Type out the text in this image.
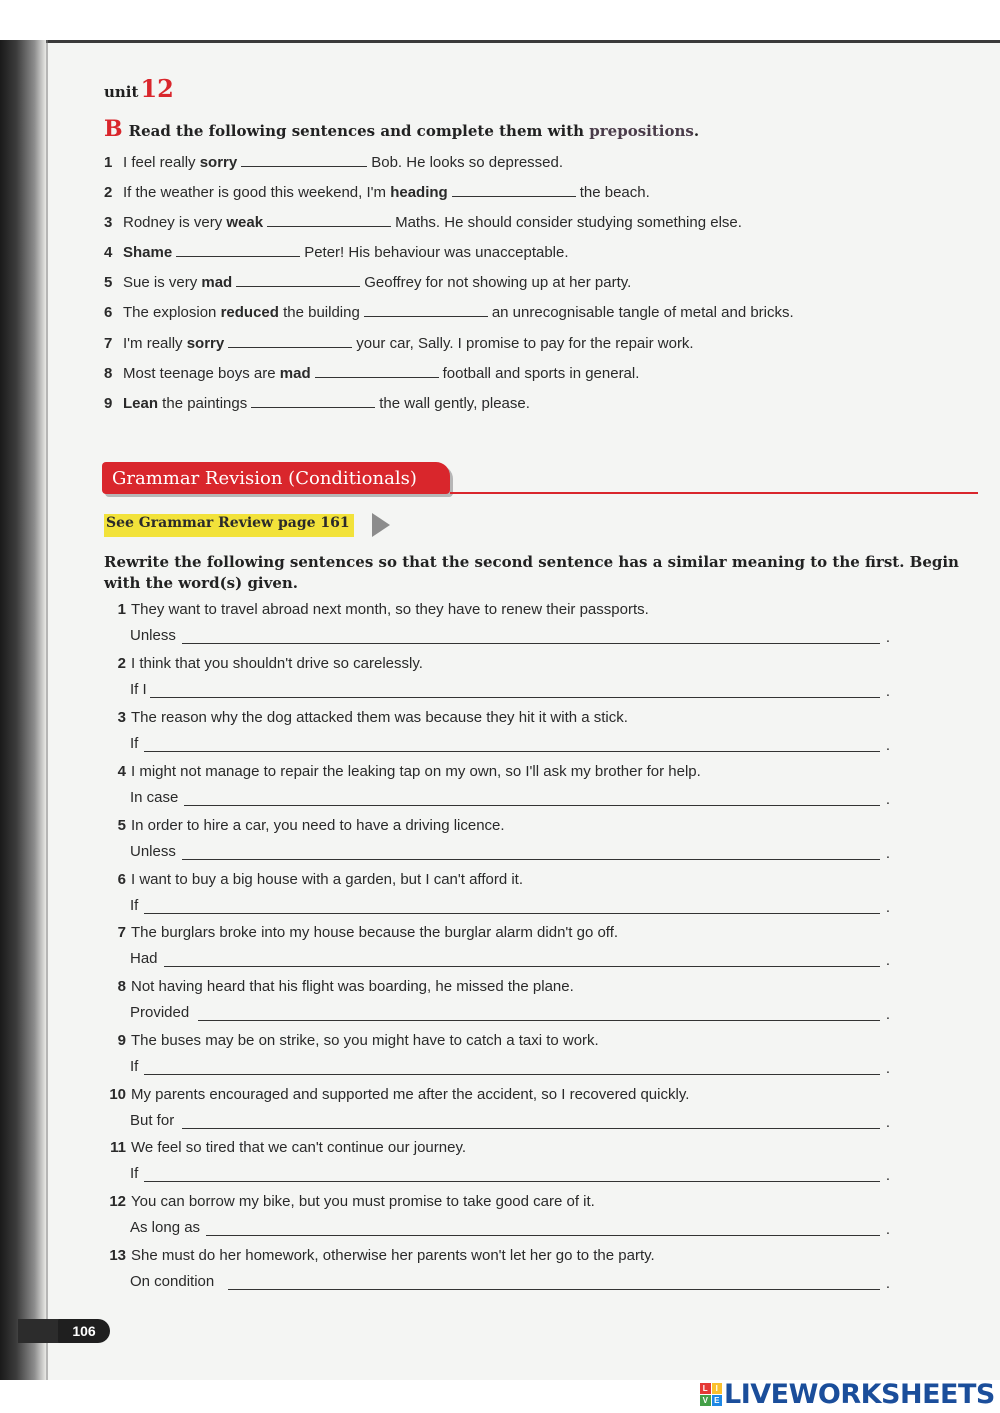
unit12
B Read the following sentences and complete them with prepositions.
1 I feel really sorry	Bob. He looks so depressed.
2 If the weather is good this weekend, I'm heading	the beach.
3 Rodney is very weak	Maths. He should consider studying something else.
4 Shame	Peter! His behaviour was unacceptable.
5 Sue is very mad	Geoffrey for not showing up at her party.
6 The explosion reduced the building	an unrecognisable tangle of metal and bricks.
7 I'm really sorry	your car, Sally. I promise to pay for the repair work.
8 Most teenage boys are mad	football and sports in general.
9 Lean the paintings	the wall gently, please.
Grammar Revision (Conditionals)
See Grammar Review page 161
Rewrite the following sentences so that the second sentence has a similar meaning to the first. Begin with the word(s) given.
1 They want to travel abroad next month, so they have to renew their passports.
Unless	.
2 I think that you shouldn't drive so carelessly.
If I	.
3 The reason why the dog attacked them was because they hit it with a stick.
If	.
4 I might not manage to repair the leaking tap on my own, so I'll ask my brother for help.
In case	.
5 In order to hire a car, you need to have a driving licence.
Unless	.
6 I want to buy a big house with a garden, but I can't afford it.
If	.
7 The burglars broke into my house because the burglar alarm didn't go off.
Had	.
8 Not having heard that his flight was boarding, he missed the plane.
Provided	.
9 The buses may be on strike, so you might have to catch a taxi to work.
If	.
10 My parents encouraged and supported me after the accident, so I recovered quickly.
But for	.
11 We feel so tired that we can't continue our journey.
If	.
12 You can borrow my bike, but you must promise to take good care of it.
As long as	.
13 She must do her homework, otherwise her parents won't let her go to the party.
On condition	.
106
L I
V E LIVEWORKSHEETS
